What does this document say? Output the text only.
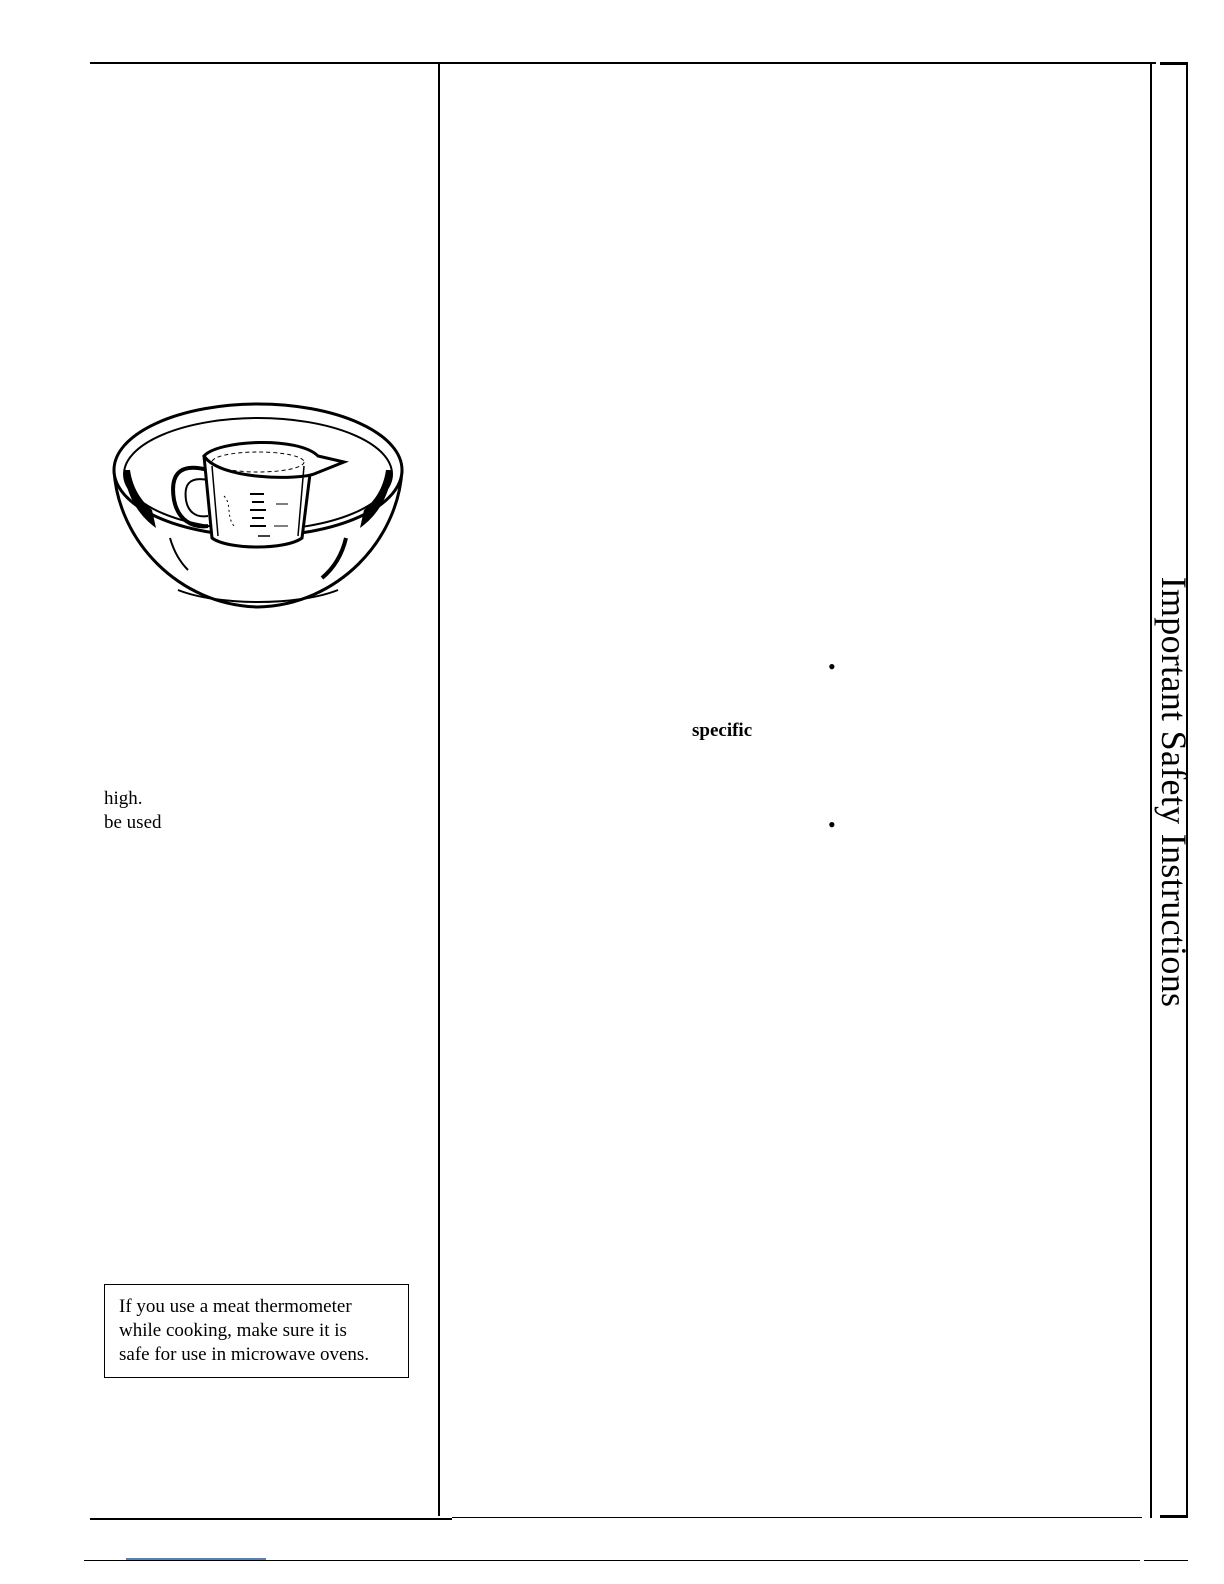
high.
be used
•
specific
•

If you use a meat thermometer

while cooking, make sure it is

safe for use in microwave ovens.

Important Safety Instructions
